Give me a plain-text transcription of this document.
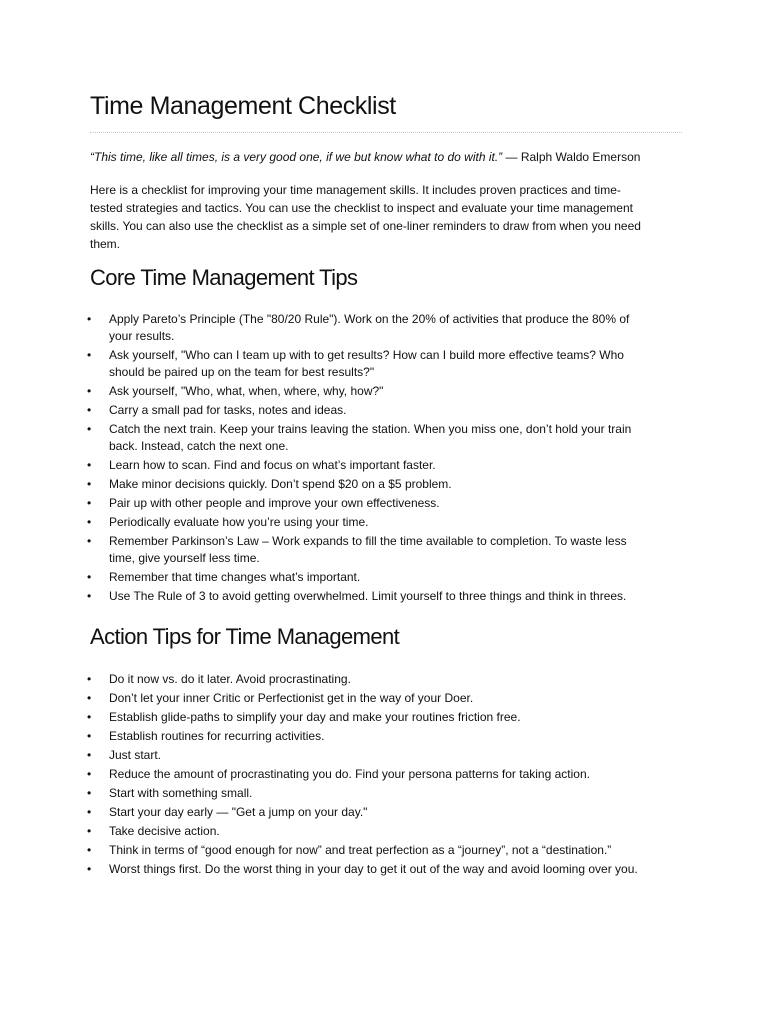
Time Management Checklist
“This time, like all times, is a very good one, if we but know what to do with it.” — Ralph Waldo Emerson

Here is a checklist for improving your time management skills. It includes proven practices and time-
tested strategies and tactics. You can use the checklist to inspect and evaluate your time management
skills. You can also use the checklist as a simple set of one-liner reminders to draw from when you need
them.

Core Time Management Tips
• Apply Pareto’s Principle (The "80/20 Rule"). Work on the 20% of activities that produce the 80% of
your results.
• Ask yourself, "Who can I team up with to get results? How can I build more effective teams? Who
should be paired up on the team for best results?"
• Ask yourself, "Who, what, when, where, why, how?"
• Carry a small pad for tasks, notes and ideas.
• Catch the next train. Keep your trains leaving the station. When you miss one, don’t hold your train
back. Instead, catch the next one.
• Learn how to scan. Find and focus on what’s important faster.
• Make minor decisions quickly. Don’t spend $20 on a $5 problem.
• Pair up with other people and improve your own effectiveness.
• Periodically evaluate how you’re using your time.
• Remember Parkinson’s Law – Work expands to fill the time available to completion. To waste less
time, give yourself less time.
• Remember that time changes what’s important.
• Use The Rule of 3 to avoid getting overwhelmed. Limit yourself to three things and think in threes.
Action Tips for Time Management
• Do it now vs. do it later. Avoid procrastinating.
• Don’t let your inner Critic or Perfectionist get in the way of your Doer.
• Establish glide-paths to simplify your day and make your routines friction free.
• Establish routines for recurring activities.
• Just start.
• Reduce the amount of procrastinating you do. Find your persona patterns for taking action.
• Start with something small.
• Start your day early — "Get a jump on your day."
• Take decisive action.
• Think in terms of “good enough for now” and treat perfection as a “journey”, not a “destination.”
• Worst things first. Do the worst thing in your day to get it out of the way and avoid looming over you.
